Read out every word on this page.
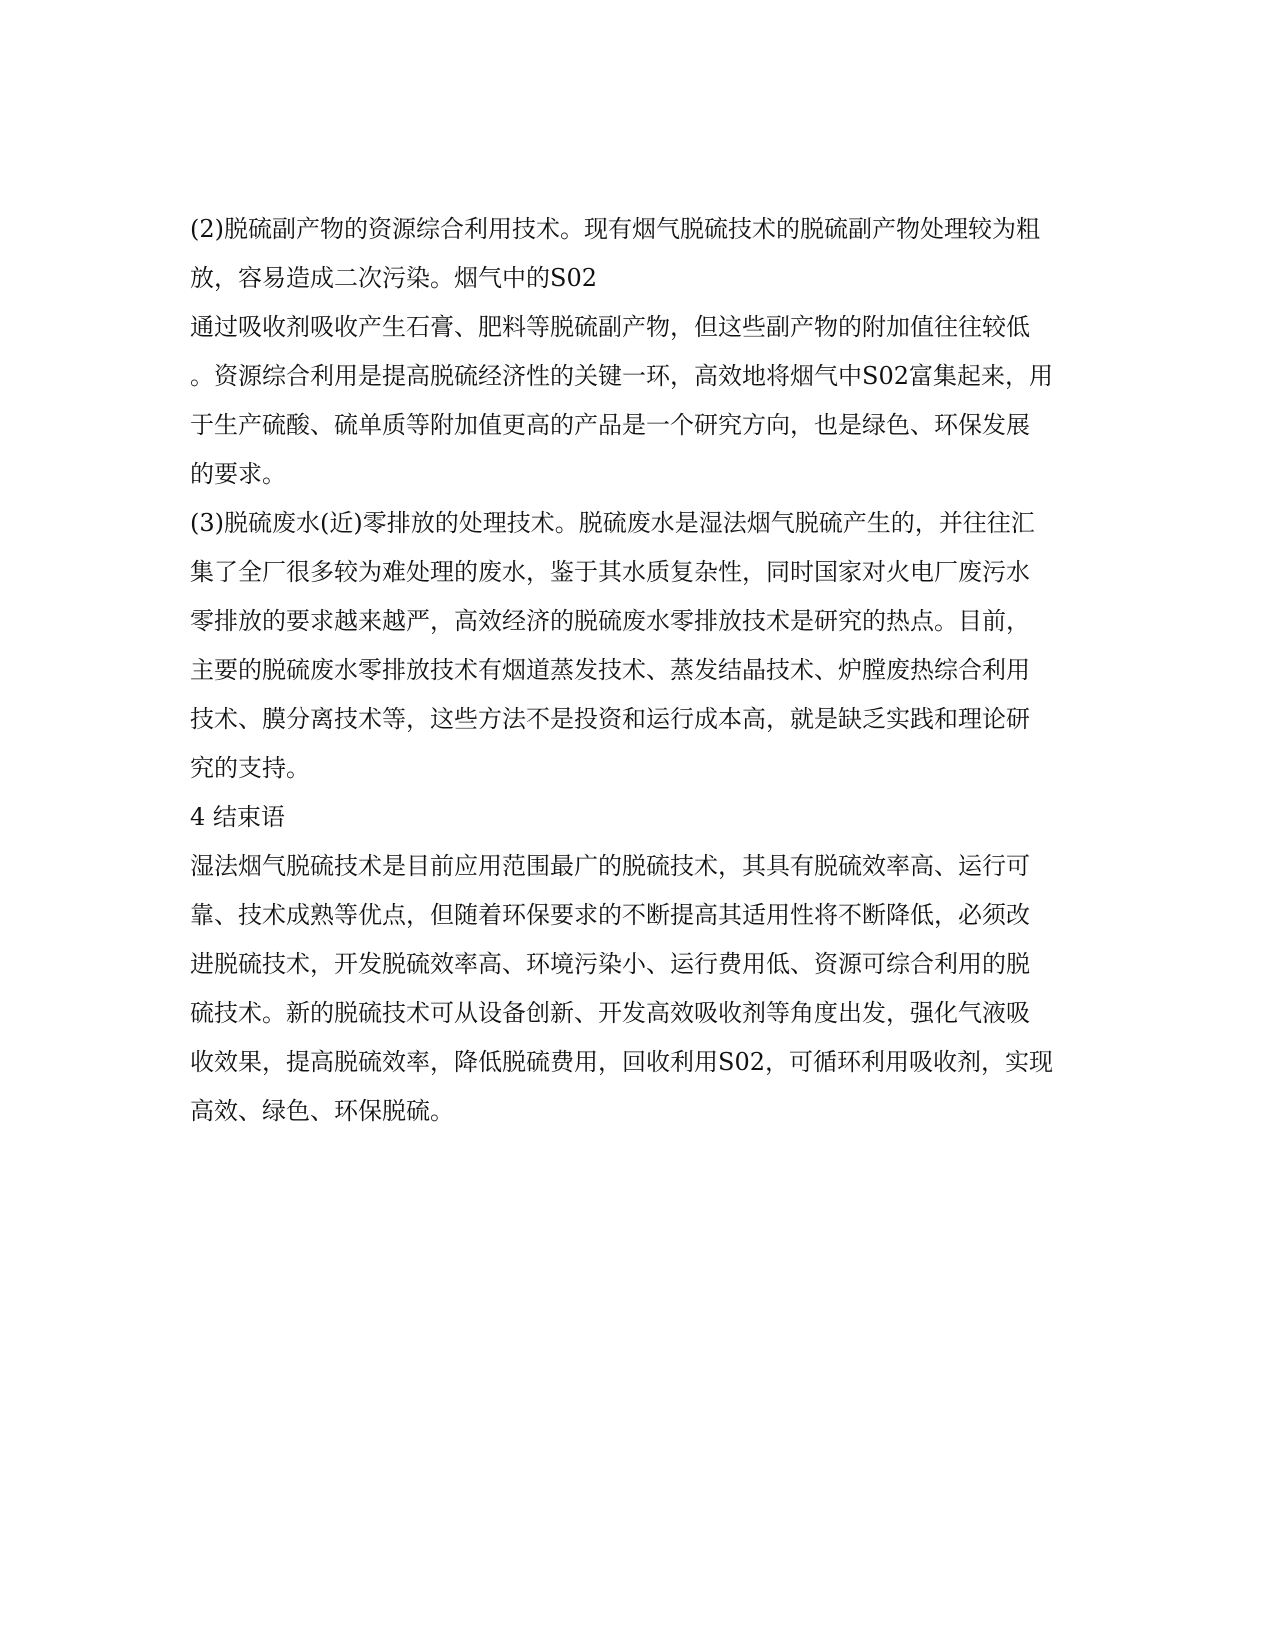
(2)脱硫副产物的资源综合利用技术。现有烟气脱硫技术的脱硫副产物处理较为粗
放，容易造成二次污染。烟气中的S02
通过吸收剂吸收产生石膏、肥料等脱硫副产物，但这些副产物的附加值往往较低
。资源综合利用是提高脱硫经济性的关键一环，高效地将烟气中S02富集起来，用
于生产硫酸、硫单质等附加值更高的产品是一个研究方向，也是绿色、环保发展
的要求。
(3)脱硫废水(近)零排放的处理技术。脱硫废水是湿法烟气脱硫产生的，并往往汇
集了全厂很多较为难处理的废水，鉴于其水质复杂性，同时国家对火电厂废污水
零排放的要求越来越严，高效经济的脱硫废水零排放技术是研究的热点。目前，
主要的脱硫废水零排放技术有烟道蒸发技术、蒸发结晶技术、炉膛废热综合利用
技术、膜分离技术等，这些方法不是投资和运行成本高，就是缺乏实践和理论研
究的支持。
4 结束语
湿法烟气脱硫技术是目前应用范围最广的脱硫技术，其具有脱硫效率高、运行可
靠、技术成熟等优点，但随着环保要求的不断提高其适用性将不断降低，必须改
进脱硫技术，开发脱硫效率高、环境污染小、运行费用低、资源可综合利用的脱
硫技术。新的脱硫技术可从设备创新、开发高效吸收剂等角度出发，强化气液吸
收效果，提高脱硫效率，降低脱硫费用，回收利用S02，可循环利用吸收剂，实现
高效、绿色、环保脱硫。
